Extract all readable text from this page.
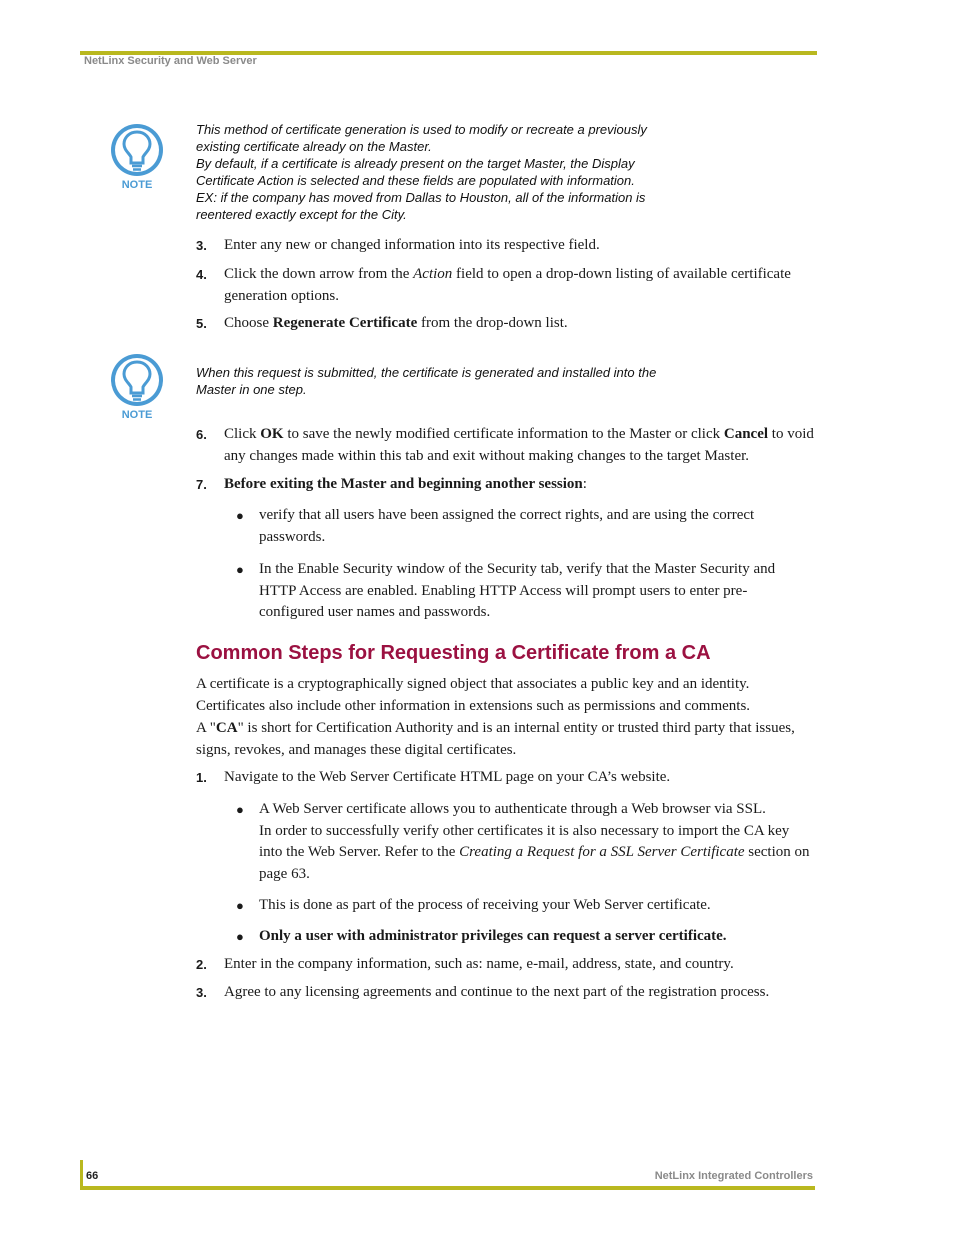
NetLinx Security and Web Server
NOTE
This method of certificate generation is used to modify or recreate a previously
existing certificate already on the Master.
By default, if a certificate is already present on the target Master, the Display
Certificate Action is selected and these fields are populated with information.
EX: if the company has moved from Dallas to Houston, all of the information is
reentered exactly except for the City.
3. Enter any new or changed information into its respective field.
4. Click the down arrow from the Action field to open a drop-down listing of available certificate generation options.
5. Choose Regenerate Certificate from the drop-down list.
NOTE
When this request is submitted, the certificate is generated and installed into the
Master in one step.
6. Click OK to save the newly modified certificate information to the Master or click Cancel to void any changes made within this tab and exit without making changes to the target Master.
7. Before exiting the Master and beginning another session:
● verify that all users have been assigned the correct rights, and are using the correct passwords.
● In the Enable Security window of the Security tab, verify that the Master Security and HTTP Access are enabled. Enabling HTTP Access will prompt users to enter pre-configured user names and passwords.
Common Steps for Requesting a Certificate from a CA
A certificate is a cryptographically signed object that associates a public key and an identity. Certificates also include other information in extensions such as permissions and comments.
A "CA" is short for Certification Authority and is an internal entity or trusted third party that issues, signs, revokes, and manages these digital certificates.
1. Navigate to the Web Server Certificate HTML page on your CA’s website.
● A Web Server certificate allows you to authenticate through a Web browser via SSL.
In order to successfully verify other certificates it is also necessary to import the CA key into the Web Server. Refer to the Creating a Request for a SSL Server Certificate section on page 63.
● This is done as part of the process of receiving your Web Server certificate.
● Only a user with administrator privileges can request a server certificate.
2. Enter in the company information, such as: name, e-mail, address, state, and country.
3. Agree to any licensing agreements and continue to the next part of the registration process.
66	NetLinx Integrated Controllers
